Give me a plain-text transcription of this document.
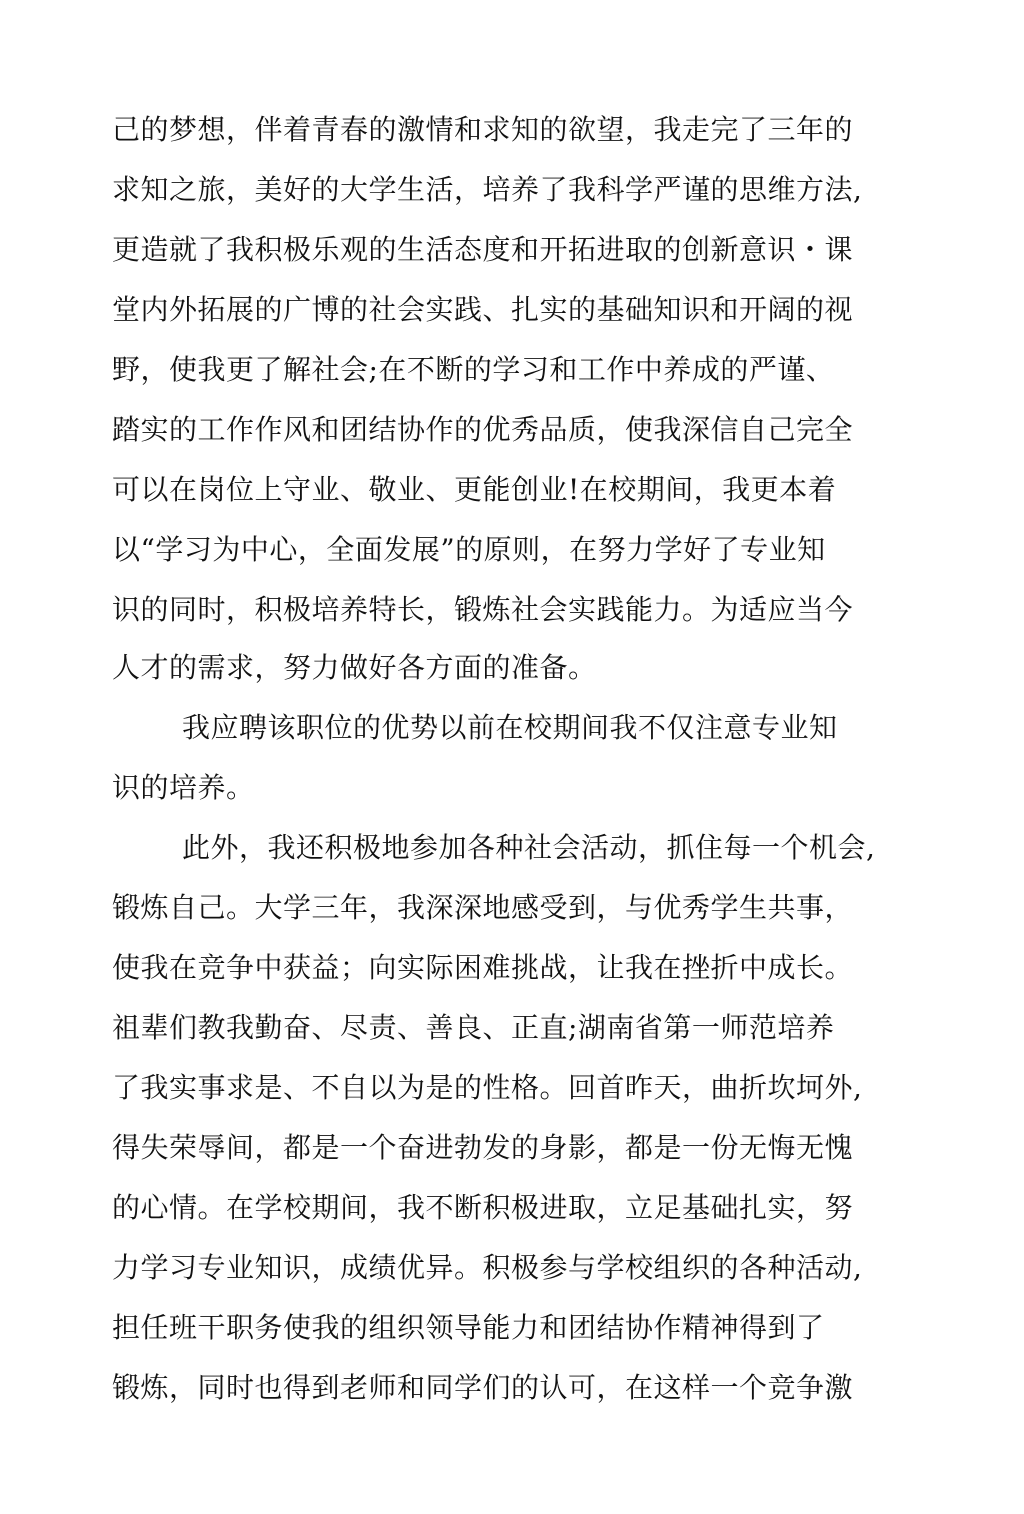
己的梦想，伴着青春的激情和求知的欲望，我走完了三年的
求知之旅，美好的大学生活，培养了我科学严谨的思维方法,
更造就了我积极乐观的生活态度和开拓进取的创新意识・课
堂内外拓展的广博的社会实践、扎实的基础知识和开阔的视
野，使我更了解社会;在不断的学习和工作中养成的严谨、
踏实的工作作风和团结协作的优秀品质，使我深信自己完全
可以在岗位上守业、敬业、更能创业!在校期间，我更本着
以“学习为中心，全面发展”的原则，在努力学好了专业知
识的同时，积极培养特长，锻炼社会实践能力。为适应当今
人才的需求，努力做好各方面的准备。
我应聘该职位的优势以前在校期间我不仅注意专业知
识的培养。
此外，我还积极地参加各种社会活动，抓住每一个机会,
锻炼自己。大学三年，我深深地感受到，与优秀学生共事，
使我在竞争中获益；向实际困难挑战，让我在挫折中成长。
祖辈们教我勤奋、尽责、善良、正直;湖南省第一师范培养
了我实事求是、不自以为是的性格。回首昨天，曲折坎坷外,
得失荣辱间，都是一个奋进勃发的身影，都是一份无悔无愧
的心情。在学校期间，我不断积极进取，立足基础扎实，努
力学习专业知识，成绩优异。积极参与学校组织的各种活动,
担任班干职务使我的组织领导能力和团结协作精神得到了
锻炼，同时也得到老师和同学们的认可，在这样一个竞争激
